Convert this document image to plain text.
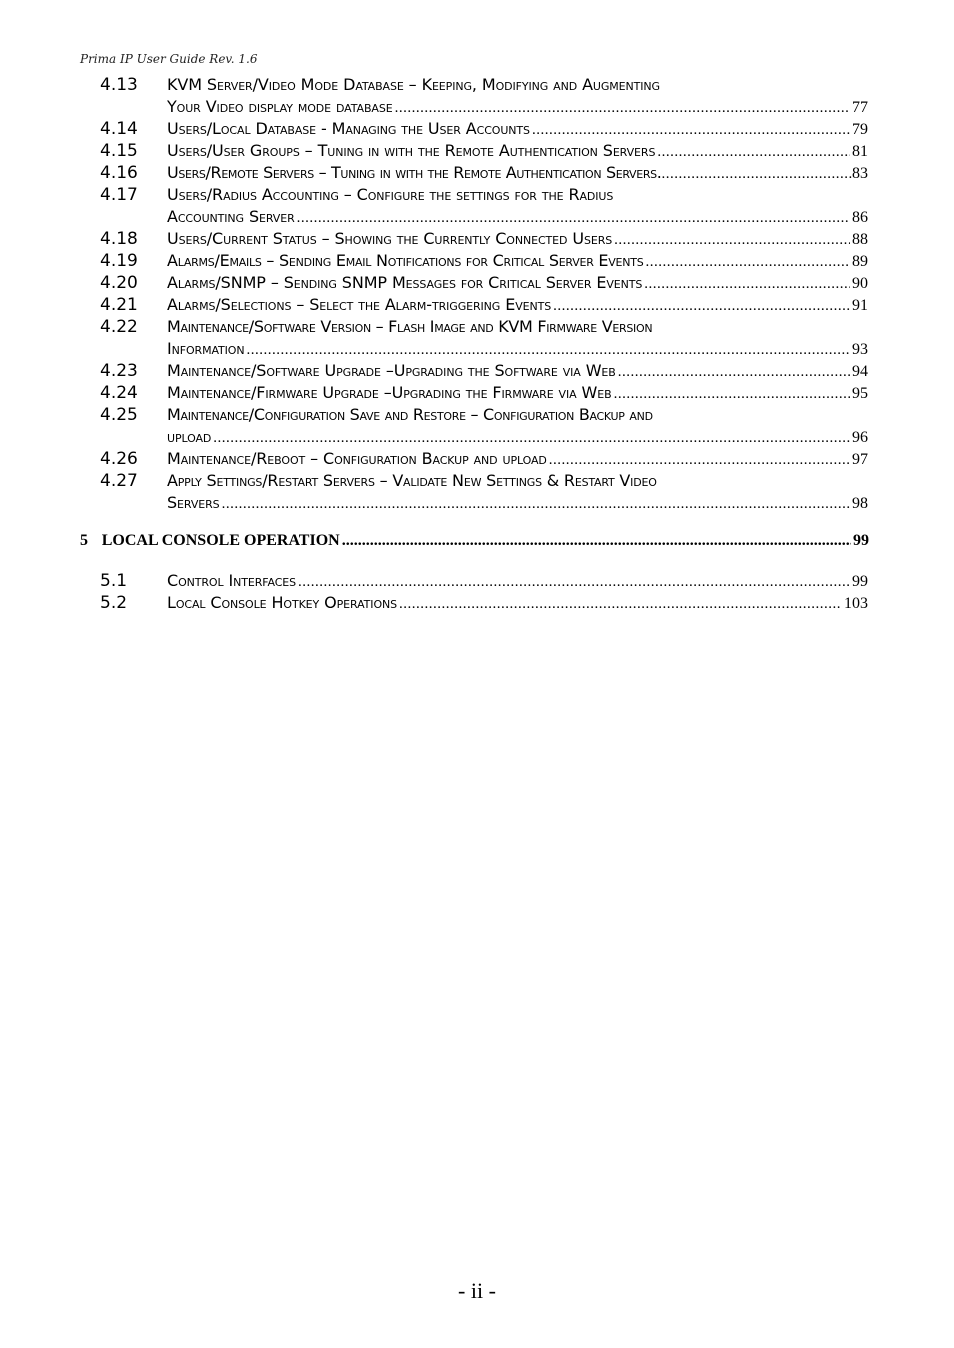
Prima IP User Guide Rev. 1.6
4.13 KVM Server/Video Mode Database – Keeping, Modifying and Augmenting
Your Video display mode database .....	77
4.14 Users/Local Database - Managing the User Accounts .....	79
4.15 Users/User Groups – Tuning in with the Remote Authentication Servers .....	81
4.16 Users/Remote Servers – Tuning in with the Remote Authentication Servers. .....	83
4.17 Users/Radius Accounting – Configure the settings for the Radius
Accounting Server .....	86
4.18 Users/Current Status – Showing the Currently Connected Users .....	88
4.19 Alarms/Emails – Sending Email Notifications for Critical Server Events .....	89
4.20 Alarms/SNMP – Sending SNMP Messages for Critical Server Events .....	90
4.21 Alarms/Selections – Select the Alarm-triggering Events .....	91
4.22 Maintenance/Software Version – Flash Image and KVM Firmware Version
Information .....	93
4.23 Maintenance/Software Upgrade –Upgrading the Software via Web .....	94
4.24 Maintenance/Firmware Upgrade –Upgrading the Firmware via Web .....	95
4.25 Maintenance/Configuration Save and Restore – Configuration Backup and
upload .....	96
4.26 Maintenance/Reboot – Configuration Backup and upload .....	97
4.27 Apply Settings/Restart Servers – Validate New Settings & Restart Video
Servers .....	98
5 LOCAL CONSOLE OPERATION .....	99
5.1 Control Interfaces .....	99
5.2 Local Console Hotkey Operations .....	103
- ii -
